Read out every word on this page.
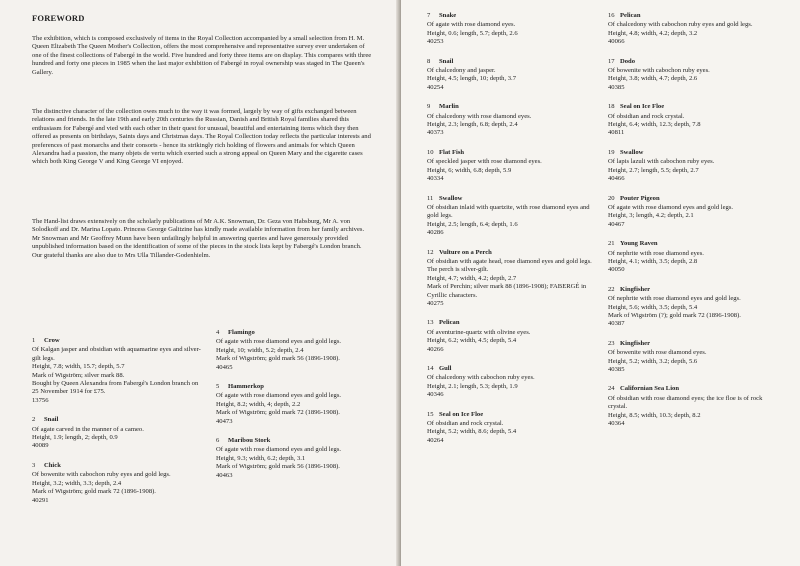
FOREWORD

The exhibition, which is composed exclusively of items in the Royal Collection accompanied by a small selection from H. M. Queen Elizabeth The Queen Mother's Collection, offers the most comprehensive and representative survey ever undertaken of one of the finest collections of Fabergé in the world. Five hundred and forty three items are on display. This compares with three hundred and forty one pieces in 1985 when the last major exhibition of Fabergé in royal ownership was staged in The Queen's Gallery.

The distinctive character of the collection owes much to the way it was formed, largely by way of gifts exchanged between relations and friends. In the late 19th and early 20th centuries the Russian, Danish and British Royal families shared this enthusiasm for Fabergé and vied with each other in their quest for unusual, beautiful and entertaining items which they then offered as presents on birthdays, Saints days and Christmas days. The Royal Collection today reflects the particular interests and preferences of past monarchs and their consorts - hence its strikingly rich holding of flowers and animals for which Queen Alexandra had a passion, the many objets de vertu which exerted such a strong appeal on Queen Mary and the cigarette cases which both King George V and King George VI enjoyed.

The Hand-list draws extensively on the scholarly publications of Mr A.K. Snowman, Dr. Geza von Habsburg, Mr A. von Solodkoff and Dr. Marina Lopato. Princess George Galitzine has kindly made available information from her family archives. Mr Snowman and Mr Geoffrey Munn have been unfailingly helpful in answering queries and have generously provided unpublished information based on the identification of some of the pieces in the stock lists kept by Fabergé's London branch. Our grateful thanks are also due to Mrs Ulla Tillander-Godenhielm.

1 Crow
Of Kalgan jasper and obsidian with aquamarine eyes and silver-gilt legs.
Height, 7.8; width, 15.7; depth, 5.7
Mark of Wigström; silver mark 88.
Bought by Queen Alexandra from Fabergé's London branch on 25 November 1914 for £75.
13756
2 Snail
Of agate carved in the manner of a cameo.
Height, 1.9; length, 2; depth, 0.9
40089
3 Chick
Of bowenite with cabochon ruby eyes and gold legs.
Height, 3.2; width, 3.3; depth, 2.4
Mark of Wigström; gold mark 72 (1896-1908).
40291
4 Flamingo
Of agate with rose diamond eyes and gold legs.
Height, 10; width, 5.2; depth, 2.4
Mark of Wigström; gold mark 56 (1896-1908).
40465
5 Hammerkop
Of agate with rose diamond eyes and gold legs.
Height, 8.2; width, 4; depth, 2.2
Mark of Wigström; gold mark 72 (1896-1908).
40473
6 Maribou Stork
Of agate with rose diamond eyes and gold legs.
Height, 9.3; width, 6.2; depth, 3.1
Mark of Wigström; gold mark 56 (1896-1908).
40463
7 Snake
Of agate with rose diamond eyes.
Height, 0.6; length, 5.7; depth, 2.6
40253
8 Snail
Of chalcedony and jasper.
Height, 4.5; length, 10; depth, 3.7
40254
9 Marlin
Of chalcedony with rose diamond eyes.
Height, 2.3; length, 6.8; depth, 2.4
40373
10 Flat Fish
Of speckled jasper with rose diamond eyes.
Height, 6; width, 6.8; depth, 5.9
40334
11 Swallow
Of obsidian inlaid with quartzite, with rose diamond eyes and gold legs.
Height, 2.5; length, 6.4; depth, 1.6
40286
12 Vulture on a Perch
Of obsidian with agate head, rose diamond eyes and gold legs. The perch is silver-gilt.
Height, 4.7; width, 4.2; depth, 2.7
Mark of Perchin; silver mark 88 (1896-1908); FABERGÉ in Cyrillic characters.
40275
13 Pelican
Of aventurine-quartz with olivine eyes.
Height, 6.2; width, 4.5; depth, 5.4
40266
14 Gull
Of chalcedony with cabochon ruby eyes.
Height, 2.1; length, 5.3; depth, 1.9
40346
15 Seal on Ice Floe
Of obsidian and rock crystal.
Height, 5.2; width, 8.6; depth, 5.4
40264
16 Pelican
Of chalcedony with cabochon ruby eyes and gold legs.
Height, 4.8; width, 4.2; depth, 3.2
40066
17 Dodo
Of bowenite with cabochon ruby eyes.
Height, 3.8; width, 4.7; depth, 2.6
40385
18 Seal on Ice Floe
Of obsidian and rock crystal.
Height, 6.4; width, 12.3; depth, 7.8
40811
19 Swallow
Of lapis lazuli with cabochon ruby eyes.
Height, 2.7; length, 5.5; depth, 2.7
40466
20 Pouter Pigeon
Of agate with rose diamond eyes and gold legs.
Height, 3; length, 4.2; depth, 2.1
40467
21 Young Raven
Of nephrite with rose diamond eyes.
Height, 4.1; width, 3.5; depth, 2.8
40050
22 Kingfisher
Of nephrite with rose diamond eyes and gold legs.
Height, 5.6; width, 3.5; depth, 5.4
Mark of Wigström (?); gold mark 72 (1896-1908).
40387
23 Kingfisher
Of bowenite with rose diamond eyes.
Height, 5.2; width, 3.2; depth, 5.6
40385
24 Californian Sea Lion
Of obsidian with rose diamond eyes; the ice floe is of rock crystal.
Height, 8.5; width, 10.3; depth, 8.2
40364
